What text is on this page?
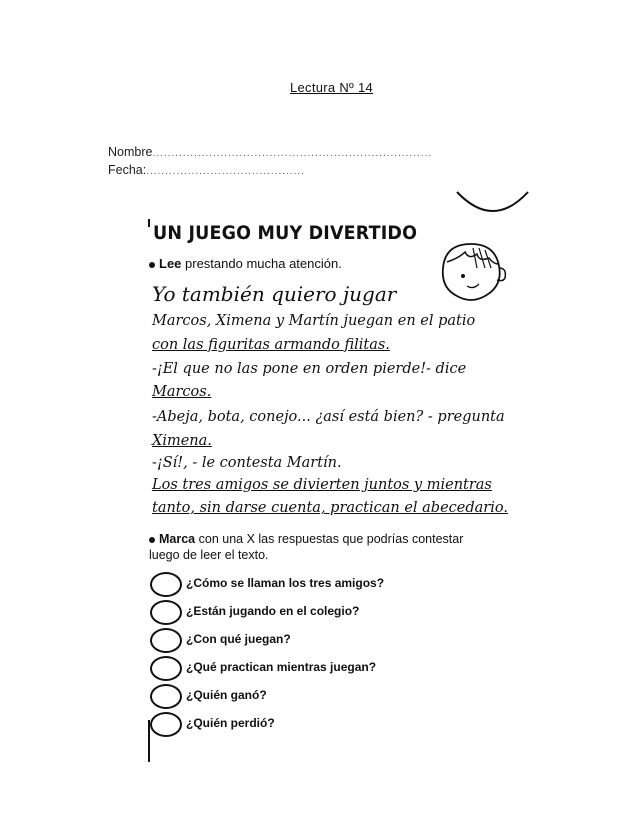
Lectura Nº 14
Nombre..........................................................................
Fecha:..........................................
UN JUEGO MUY DIVERTIDO
Lee prestando mucha atención.
Yo también quiero jugar
Marcos, Ximena y Martín juegan en el patio
con las figuritas armando filitas.
-¡El que no las pone en orden pierde!- dice
Marcos.
-Abeja, bota, conejo... ¿así está bien? - pregunta
Ximena.
-¡Sí!, - le contesta Martín.
Los tres amigos se divierten juntos y mientras
tanto, sin darse cuenta, practican el abecedario.
Marca con una X las respuestas que podrías contestar
luego de leer el texto.
¿Cómo se llaman los tres amigos?
¿Están jugando en el colegio?
¿Con qué juegan?
¿Qué practican mientras juegan?
¿Quién ganó?
¿Quién perdió?
